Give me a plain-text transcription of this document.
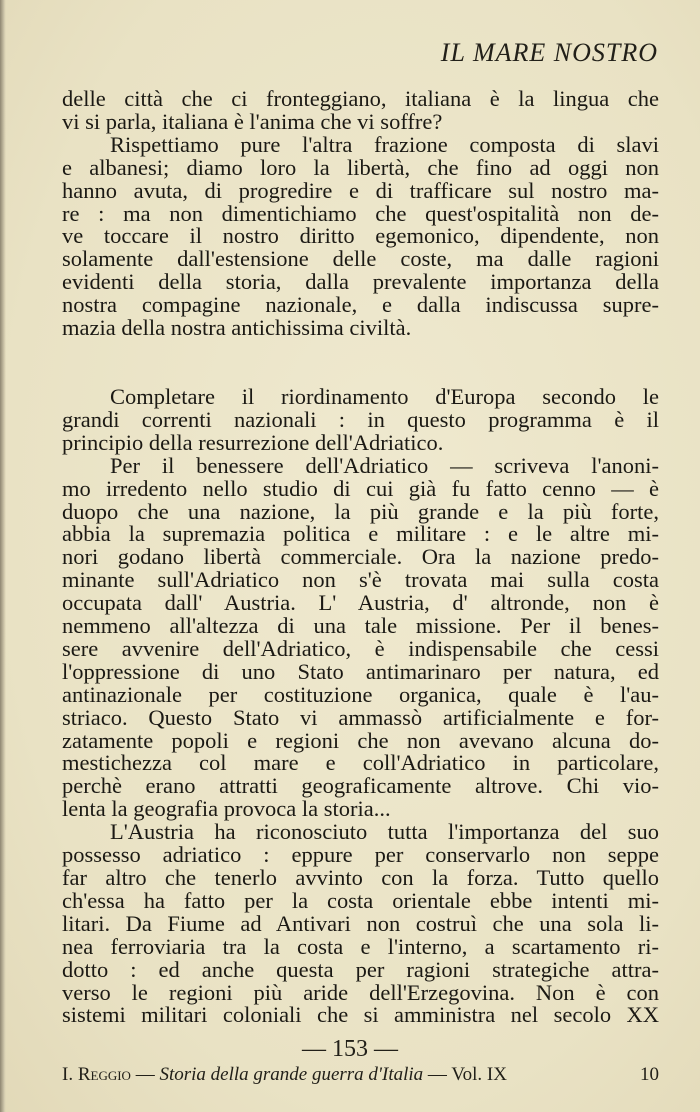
IL MARE NOSTRO
delle città che ci fronteggiano, italiana è la lingua che
vi si parla, italiana è l'anima che vi soffre?
Rispettiamo pure l'altra frazione composta di slavi
e albanesi; diamo loro la libertà, che fino ad oggi non
hanno avuta, di progredire e di trafficare sul nostro ma-
re : ma non dimentichiamo che quest'ospitalità non de-
ve toccare il nostro diritto egemonico, dipendente, non
solamente dall'estensione delle coste, ma dalle ragioni
evidenti della storia, dalla prevalente importanza della
nostra compagine nazionale, e dalla indiscussa supre-
mazia della nostra antichissima civiltà.
Completare il riordinamento d'Europa secondo le
grandi correnti nazionali : in questo programma è il
principio della resurrezione dell'Adriatico.
Per il benessere dell'Adriatico — scriveva l'anoni-
mo irredento nello studio di cui già fu fatto cenno — è
duopo che una nazione, la più grande e la più forte,
abbia la supremazia politica e militare : e le altre mi-
nori godano libertà commerciale. Ora la nazione predo-
minante sull'Adriatico non s'è trovata mai sulla costa
occupata dall' Austria. L' Austria, d' altronde, non è
nemmeno all'altezza di una tale missione. Per il benes-
sere avvenire dell'Adriatico, è indispensabile che cessi
l'oppressione di uno Stato antimarinaro per natura, ed
antinazionale per costituzione organica, quale è l'au-
striaco. Questo Stato vi ammassò artificialmente e for-
zatamente popoli e regioni che non avevano alcuna do-
mestichezza col mare e coll'Adriatico in particolare,
perchè erano attratti geograficamente altrove. Chi vio-
lenta la geografia provoca la storia...
L'Austria ha riconosciuto tutta l'importanza del suo
possesso adriatico : eppure per conservarlo non seppe
far altro che tenerlo avvinto con la forza. Tutto quello
ch'essa ha fatto per la costa orientale ebbe intenti mi-
litari. Da Fiume ad Antivari non costruì che una sola li-
nea ferroviaria tra la costa e l'interno, a scartamento ri-
dotto : ed anche questa per ragioni strategiche attra-
verso le regioni più aride dell'Erzegovina. Non è con
sistemi militari coloniali che si amministra nel secolo XX
— 153 —
I. Reggio — Storia della grande guerra d'Italia — Vol. IX	10
